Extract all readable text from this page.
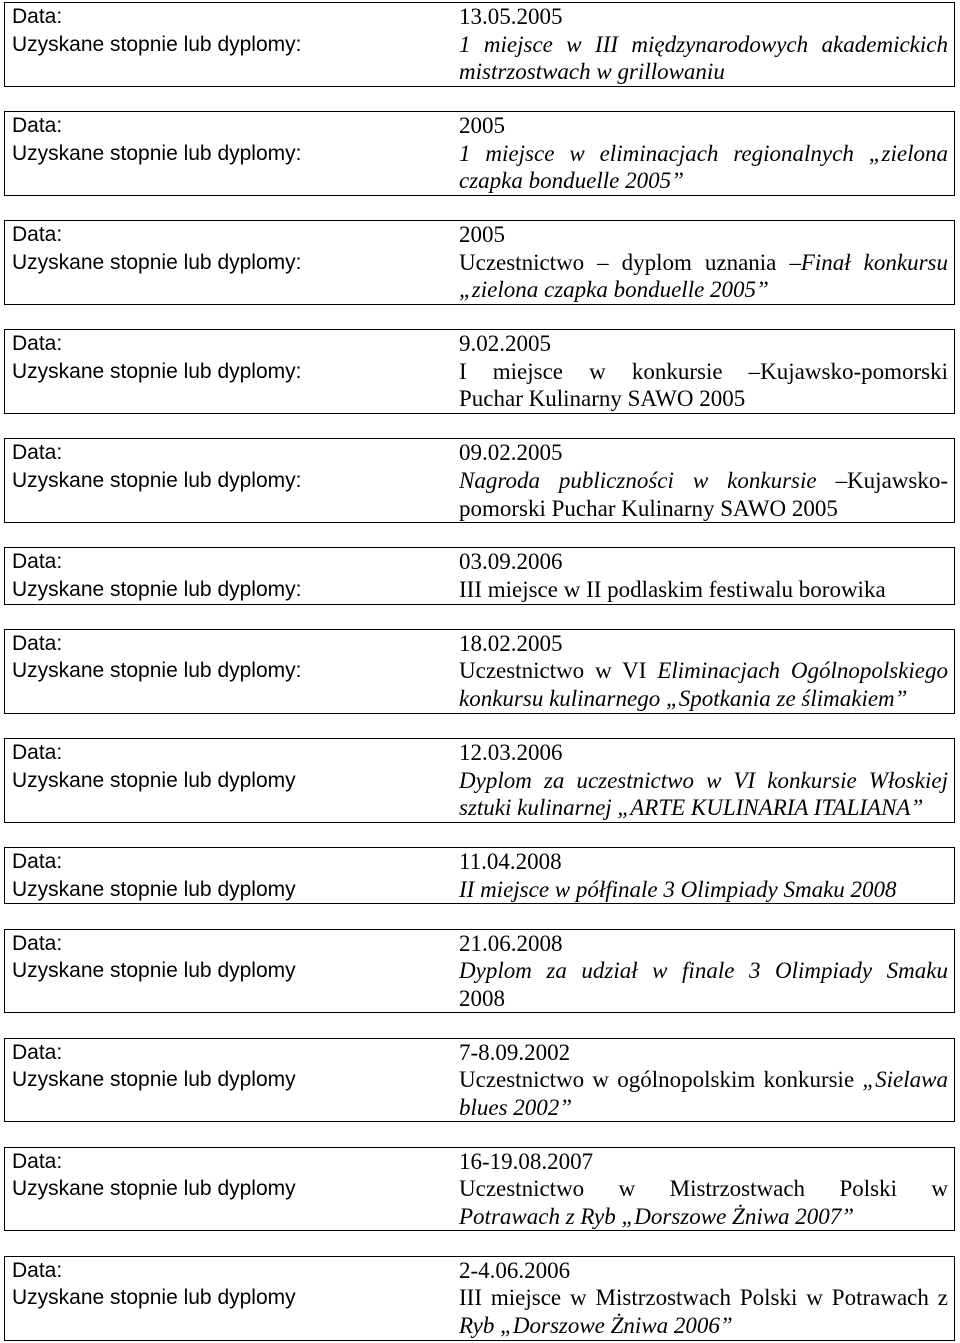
Data:	13.05.2005
Uzyskane stopnie lub dyplomy:	1 miejsce w III międzynarodowych akademickich
mistrzostwach w grillowaniu
Data:	2005
Uzyskane stopnie lub dyplomy:	1 miejsce w eliminacjach regionalnych „zielona
czapka bonduelle 2005”
Data:	2005
Uzyskane stopnie lub dyplomy:	Uczestnictwo – dyplom uznania –Finał konkursu
„zielona czapka bonduelle 2005”
Data:	9.02.2005
Uzyskane stopnie lub dyplomy:	I miejsce w konkursie –Kujawsko-pomorski
Puchar Kulinarny SAWO 2005
Data:	09.02.2005
Uzyskane stopnie lub dyplomy:	Nagroda publiczności w konkursie –Kujawsko-
pomorski Puchar Kulinarny SAWO 2005
Data:	03.09.2006
Uzyskane stopnie lub dyplomy:	III miejsce w II podlaskim festiwalu borowika
Data:	18.02.2005
Uzyskane stopnie lub dyplomy:	Uczestnictwo w VI Eliminacjach Ogólnopolskiego
konkursu kulinarnego „Spotkania ze ślimakiem”
Data:	12.03.2006
Uzyskane stopnie lub dyplomy	Dyplom za uczestnictwo w VI konkursie Włoskiej
sztuki kulinarnej „ARTE KULINARIA ITALIANA”
Data:	11.04.2008
Uzyskane stopnie lub dyplomy	II miejsce w półfinale 3 Olimpiady Smaku 2008
Data:	21.06.2008
Uzyskane stopnie lub dyplomy	Dyplom za udział w finale 3 Olimpiady Smaku
2008
Data:	7-8.09.2002
Uzyskane stopnie lub dyplomy	Uczestnictwo w ogólnopolskim konkursie „Sielawa
blues 2002”
Data:	16-19.08.2007
Uzyskane stopnie lub dyplomy	Uczestnictwo w Mistrzostwach Polski w
Potrawach z Ryb „Dorszowe Żniwa 2007”
Data:	2-4.06.2006
Uzyskane stopnie lub dyplomy	III miejsce w Mistrzostwach Polski w Potrawach z
Ryb „Dorszowe Żniwa 2006”
